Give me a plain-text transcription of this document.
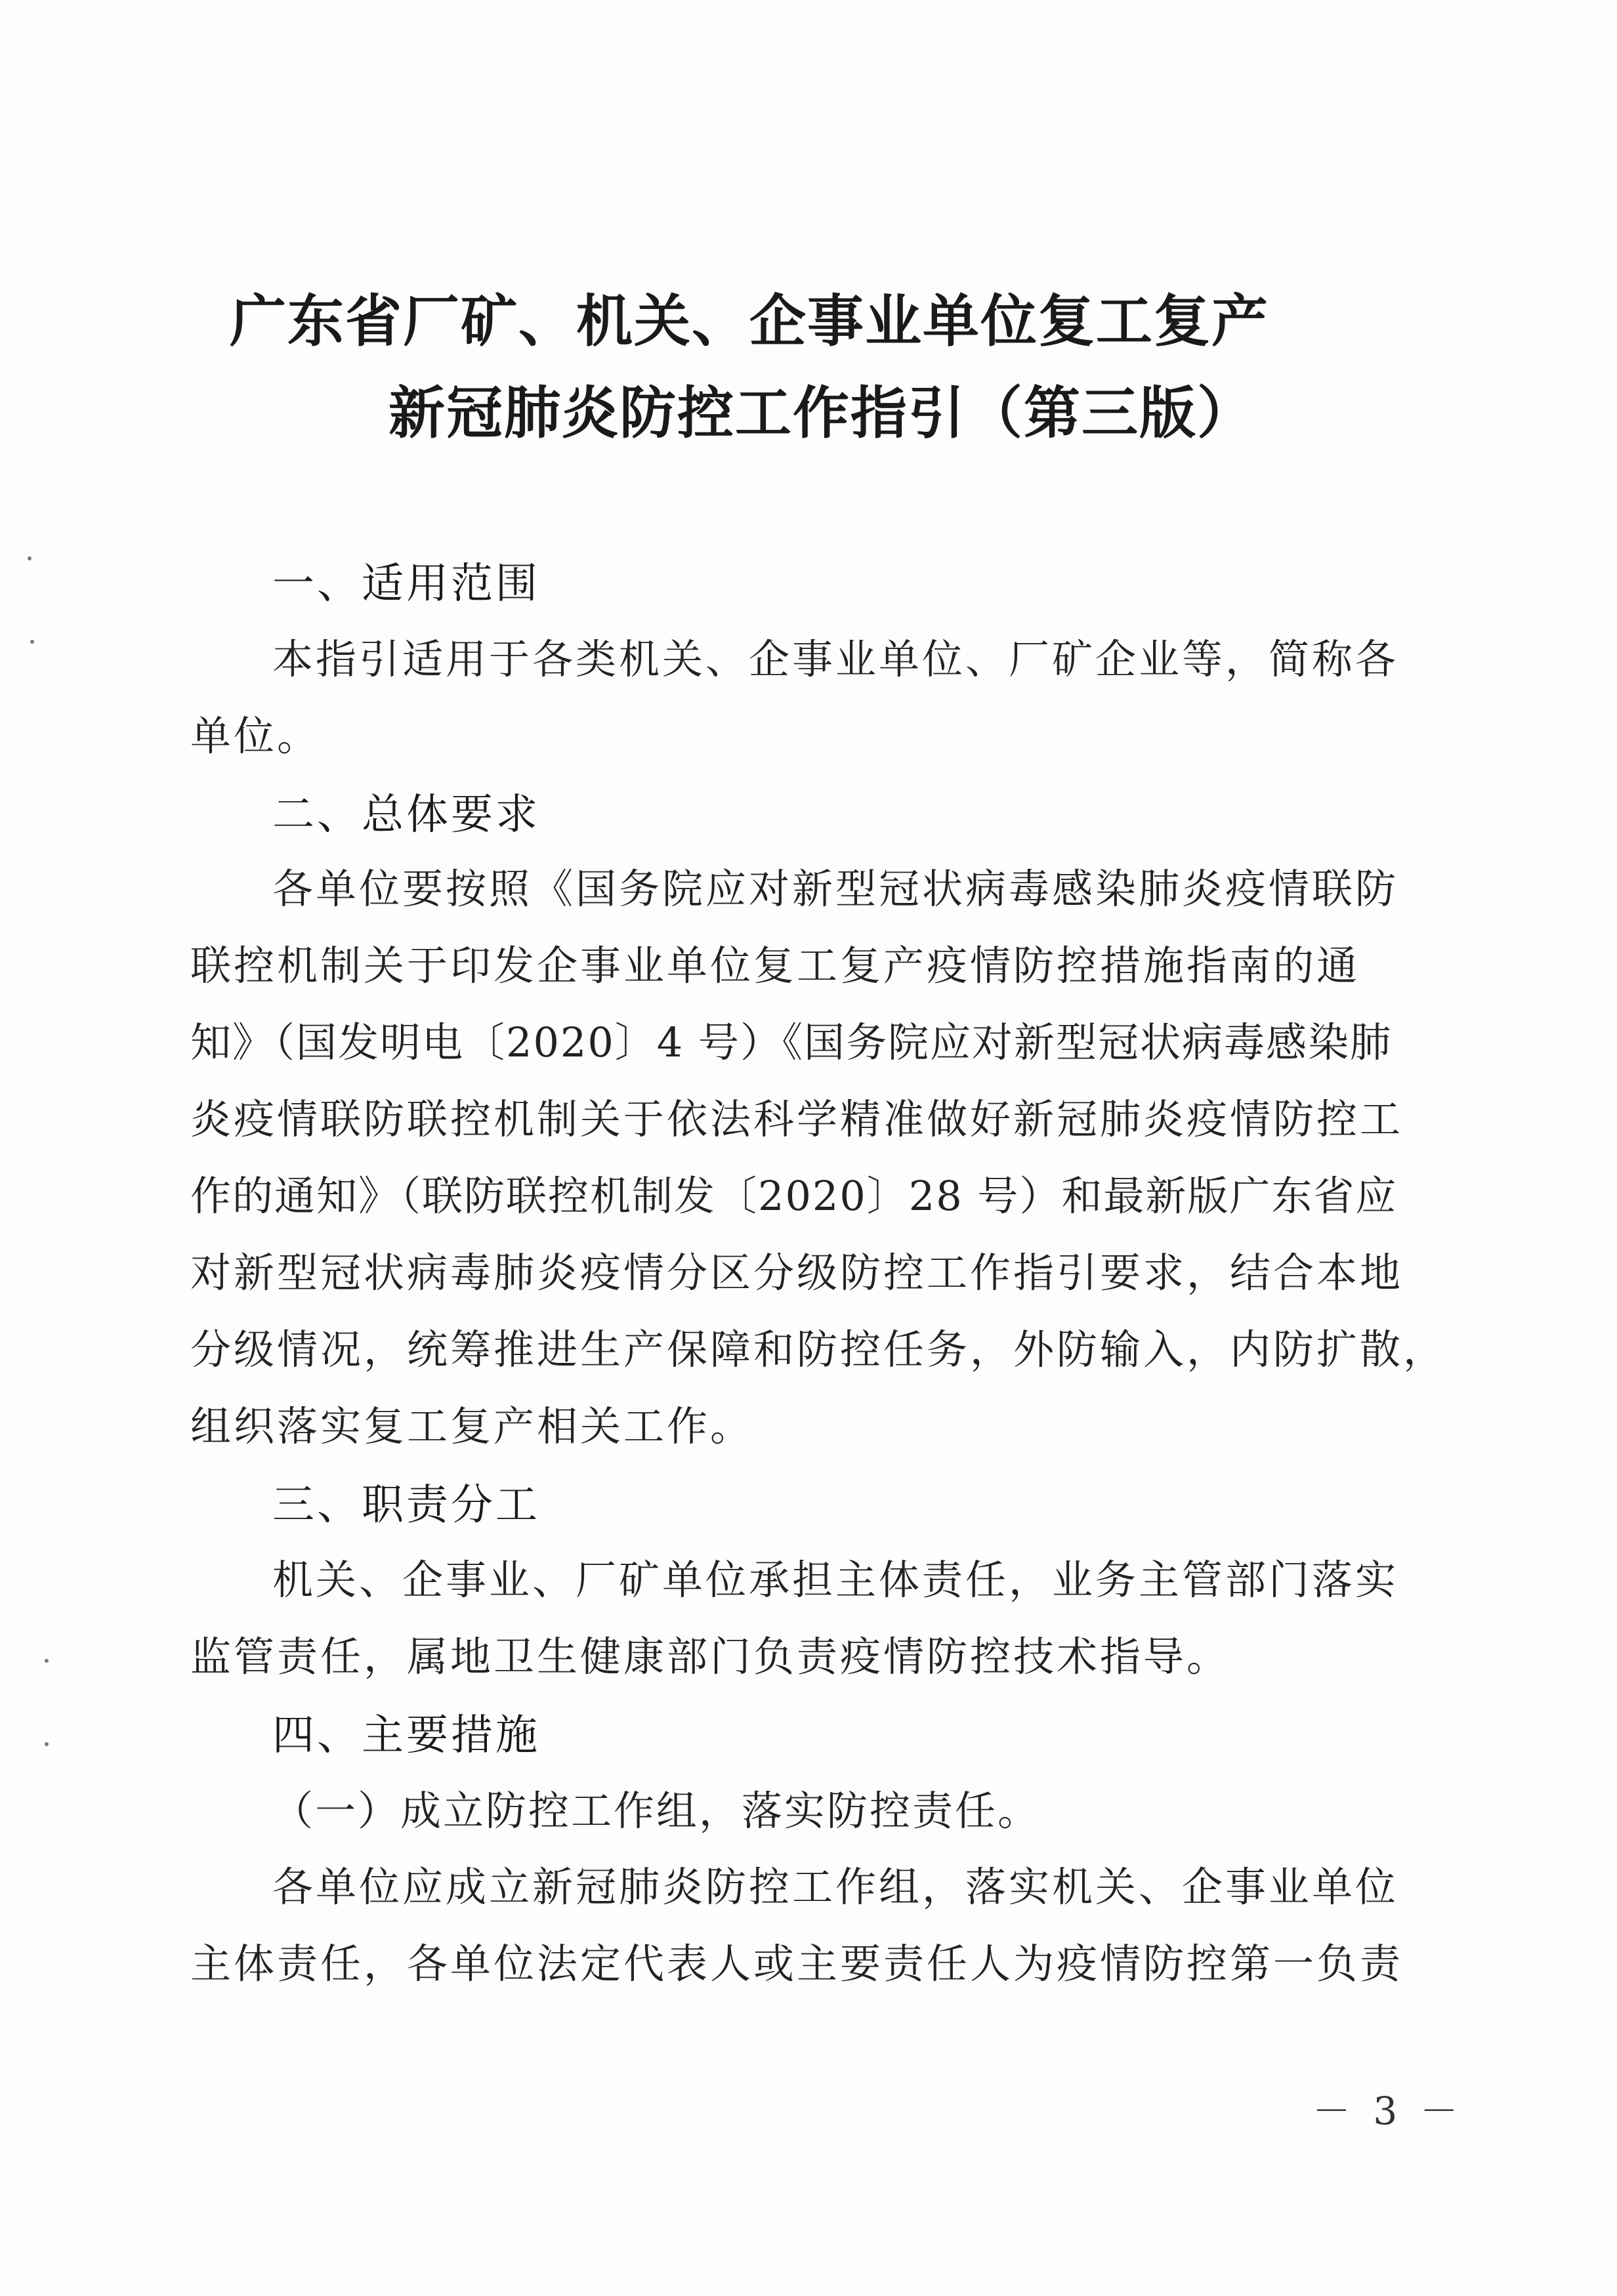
广东省厂矿、机关、企事业单位复工复产
新冠肺炎防控工作指引（第三版）
一、适用范围
本指引适用于各类机关、企事业单位、厂矿企业等，简称各
单位。
二、总体要求
各单位要按照《国务院应对新型冠状病毒感染肺炎疫情联防
联控机制关于印发企事业单位复工复产疫情防控措施指南的通
知》（国发明电〔2020〕4 号）《国务院应对新型冠状病毒感染肺
炎疫情联防联控机制关于依法科学精准做好新冠肺炎疫情防控工
作的通知》（联防联控机制发〔2020〕28 号）和最新版广东省应
对新型冠状病毒肺炎疫情分区分级防控工作指引要求，结合本地
分级情况，统筹推进生产保障和防控任务，外防输入，内防扩散，
组织落实复工复产相关工作。
三、职责分工
机关、企事业、厂矿单位承担主体责任，业务主管部门落实
监管责任，属地卫生健康部门负责疫情防控技术指导。
四、主要措施
（一）成立防控工作组，落实防控责任。
各单位应成立新冠肺炎防控工作组，落实机关、企事业单位
主体责任，各单位法定代表人或主要责任人为疫情防控第一负责
－ 3 －
